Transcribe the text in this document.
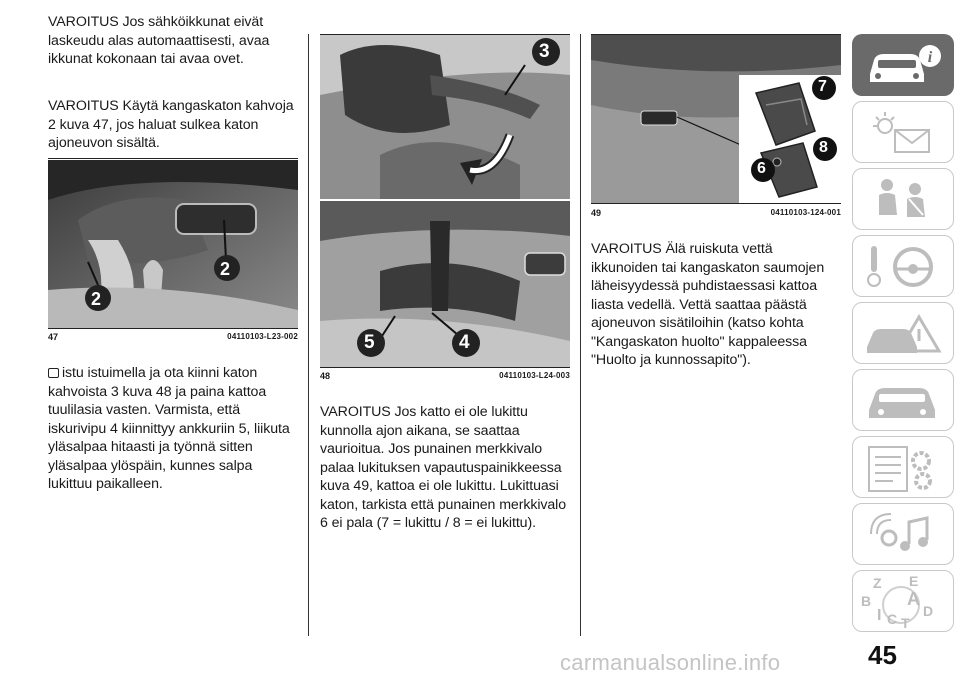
VAROITUS Jos sähköikkunat eivät laskeudu alas automaattisesti, avaa ikkunat kokonaan tai avaa ovet.

VAROITUS Käytä kangaskaton kahvoja 2 kuva 47, jos haluat sulkea katon ajoneuvon sisältä.

2
2
47	04110103-L23-002

istu istuimella ja ota kiinni katon kahvoista 3 kuva 48 ja paina kattoa tuulilasia vasten. Varmista, että iskurivipu 4 kiinnittyy ankkuriin 5, liikuta yläsalpaa hitaasti ja työnnä sitten yläsalpaa ylöspäin, kunnes salpa lukittuu paikalleen.

3
5	4
48	04110103-L24-003

VAROITUS Jos katto ei ole lukittu kunnolla ajon aikana, se saattaa vaurioitua. Jos punainen merkkivalo palaa lukituksen vapautuspainikkeessa kuva 49, kattoa ei ole lukittu. Lukittuasi katon, tarkista että punainen merkkivalo 6 ei pala (7 = lukittu / 8 = ei lukittu).

7
8
6
49	04110103-124-001

VAROITUS Älä ruiskuta vettä ikkunoiden tai kangaskaton saumojen läheisyydessä puhdistaessasi kattoa liasta vedellä. Vettä saattaa päästä ajoneuvon sisätiloihin (katso kohta "Kangaskaton huolto" kappaleessa "Huolto ja kunnossapito").

i
Z E
B A
I C T
D
45
carmanualsonline.info
